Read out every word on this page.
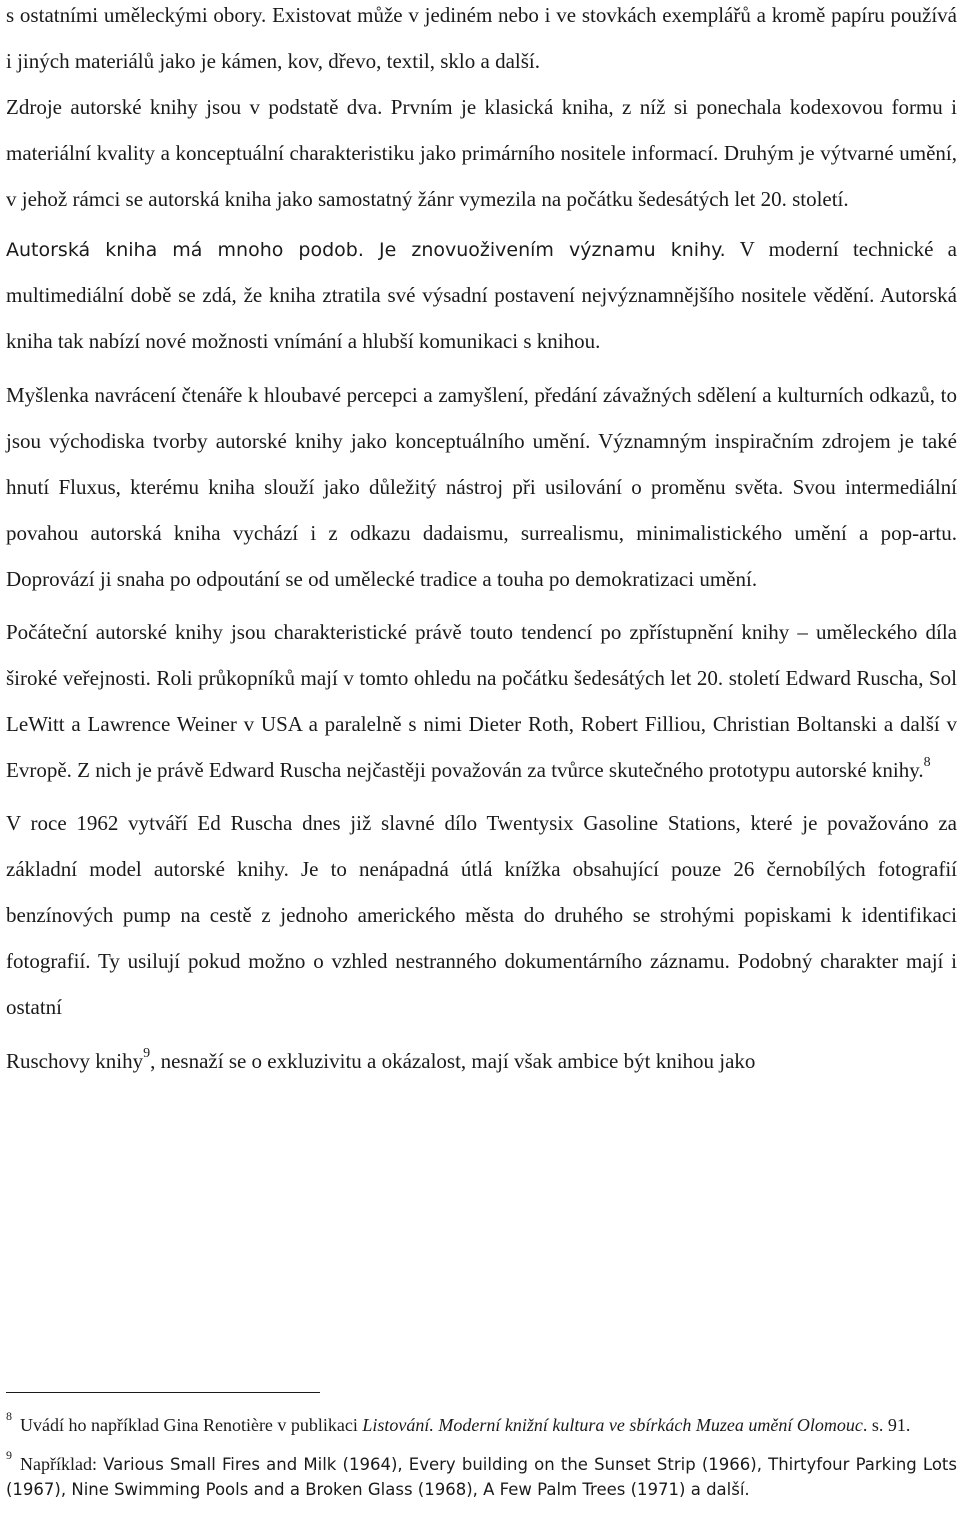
s ostatními uměleckými obory. Existovat může v jediném nebo i ve stovkách exemplářů a kromě papíru používá i jiných materiálů jako je kámen, kov, dřevo, textil, sklo a další.

Zdroje autorské knihy jsou v podstatě dva. Prvním je klasická kniha, z níž si ponechala kodexovou formu i materiální kvality a konceptuální charakteristiku jako primárního nositele informací. Druhým je výtvarné umění, v jehož rámci se autorská kniha jako samostatný žánr vymezila na počátku šedesátých let 20. století.

Autorská kniha má mnoho podob. Je znovuoživením významu knihy. V moderní technické a multimediální době se zdá, že kniha ztratila své výsadní postavení nejvýznamnějšího nositele vědění. Autorská kniha tak nabízí nové možnosti vnímání a hlubší komunikaci s knihou.

Myšlenka navrácení čtenáře k hloubavé percepci a zamyšlení, předání závažných sdělení a kulturních odkazů, to jsou východiska tvorby autorské knihy jako konceptuálního umění. Významným inspiračním zdrojem je také hnutí Fluxus, kterému kniha slouží jako důležitý nástroj při usilování o proměnu světa. Svou intermediální povahou autorská kniha vychází i z odkazu dadaismu, surrealismu, minimalistického umění a pop-artu. Doprovází ji snaha po odpoutání se od umělecké tradice a touha po demokratizaci umění.

Počáteční autorské knihy jsou charakteristické právě touto tendencí po zpřístupnění knihy – uměleckého díla široké veřejnosti. Roli průkopníků mají v tomto ohledu na počátku šedesátých let 20. století Edward Ruscha, Sol LeWitt a Lawrence Weiner v USA a paralelně s nimi Dieter Roth, Robert Filliou, Christian Boltanski a další v Evropě. Z nich je právě Edward Ruscha nejčastěji považován za tvůrce skutečného prototypu autorské knihy.$^8$

V roce 1962 vytváří Ed Ruscha dnes již slavné dílo Twentysix Gasoline Stations, které je považováno za základní model autorské knihy. Je to nenápadná útlá knížka obsahující pouze 26 černobílých fotografií benzínových pump na cestě z jednoho amerického města do druhého se strohými popiskami k identifikaci fotografií. Ty usilují pokud možno o vzhled nestranného dokumentárního záznamu. Podobný charakter mají i ostatní

Ruschovy knihy$^9$, nesnaží se o exkluzivitu a okázalost, mají však ambice být knihou jako

$^8$ Uvádí ho například Gina Renotière v publikaci Listování. Moderní knižní kultura ve sbírkách Muzea umění Olomouc. s. 91.

$^9$ Například: Various Small Fires and Milk (1964), Every building on the Sunset Strip (1966), Thirtyfour Parking Lots (1967), Nine Swimming Pools and a Broken Glass (1968), A Few Palm Trees (1971) a další.
